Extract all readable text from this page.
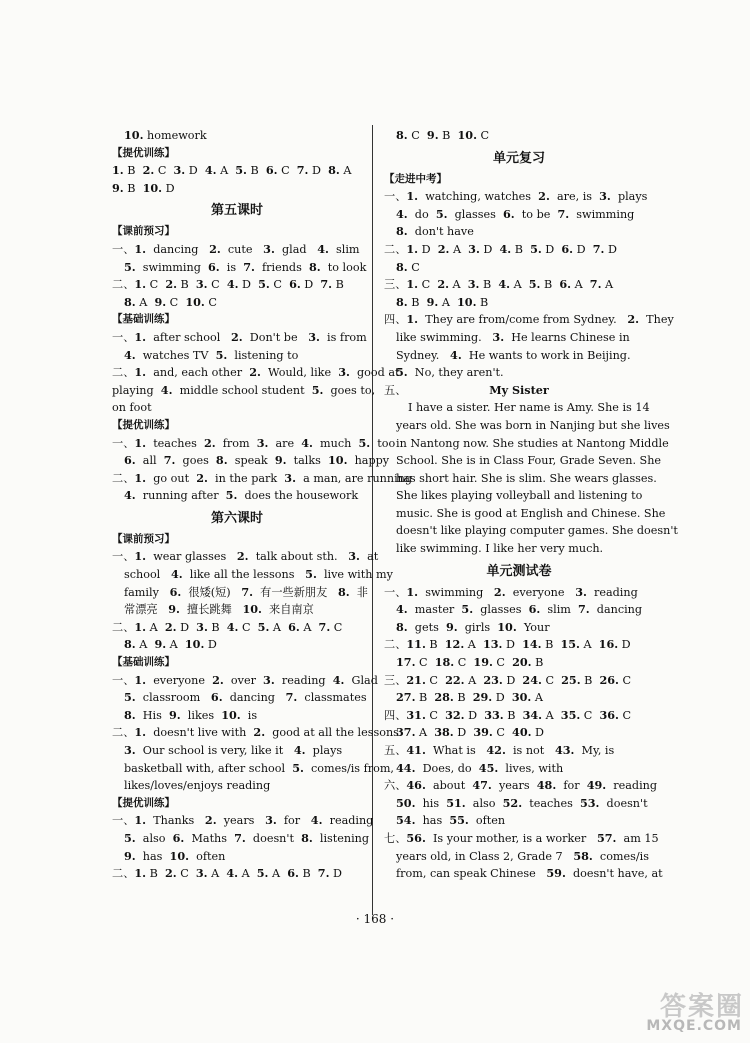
10. homework
【提优训练】
1. B  2. C  3. D  4. A  5. B  6. C  7. D  8. A
9. B  10. D
第五课时
【课前预习】
一、1.  dancing   2.  cute   3.  glad   4.  slim
5.  swimming  6.  is  7.  friends  8.  to look
二、1. C  2. B  3. C  4. D  5. C  6. D  7. B
8. A  9. C  10. C
【基础训练】
一、1.  after school   2.  Don't be   3.  is from
4.  watches TV  5.  listening to
二、1.  and, each other  2.  Would, like  3.  good at
playing  4.  middle school student  5.  goes to,
on foot
【提优训练】
一、1.  teaches  2.  from  3.  are  4.  much  5.  too
6.  all  7.  goes  8.  speak  9.  talks  10.  happy
二、1.  go out  2.  in the park  3.  a man, are running
4.  running after  5.  does the housework
第六课时
【课前预习】
一、1.  wear glasses   2.  talk about sth.   3.  at
school   4.  like all the lessons   5.  live with my
family   6.  很矮(短)   7.  有一些新朋友   8.  非
常漂亮   9.  擅长跳舞   10.  来自南京
二、1. A  2. D  3. B  4. C  5. A  6. A  7. C
8. A  9. A  10. D
【基础训练】
一、1.  everyone  2.  over  3.  reading  4.  Glad
5.  classroom   6.  dancing   7.  classmates
8.  His  9.  likes  10.  is
二、1.  doesn't live with  2.  good at all the lessons
3.  Our school is very, like it   4.  plays
basketball with, after school  5.  comes/is from,
likes/loves/enjoys reading
【提优训练】
一、1.  Thanks   2.  years   3.  for   4.  reading
5.  also  6.  Maths  7.  doesn't  8.  listening
9.  has  10.  often
二、1. B  2. C  3. A  4. A  5. A  6. B  7. D
8. C  9. B  10. C
单元复习
【走进中考】
一、1.  watching, watches  2.  are, is  3.  plays
4.  do  5.  glasses  6.  to be  7.  swimming
8.  don't have
二、1. D  2. A  3. D  4. B  5. D  6. D  7. D
8. C
三、1. C  2. A  3. B  4. A  5. B  6. A  7. A
8. B  9. A  10. B
四、1.  They are from/come from Sydney.   2.  They
like swimming.   3.  He learns Chinese in
Sydney.   4.  He wants to work in Beijing.
5.  No, they aren't.
五、	My Sister
I have a sister. Her name is Amy. She is 14
years old. She was born in Nanjing but she lives
in Nantong now. She studies at Nantong Middle
School. She is in Class Four, Grade Seven. She
has short hair. She is slim. She wears glasses.
She likes playing volleyball and listening to
music. She is good at English and Chinese. She
doesn't like playing computer games. She doesn't
like swimming. I like her very much.
单元测试卷
一、1.  swimming   2.  everyone   3.  reading
4.  master  5.  glasses  6.  slim  7.  dancing
8.  gets  9.  girls  10.  Your
二、11. B  12. A  13. D  14. B  15. A  16. D
17. C  18. C  19. C  20. B
三、21. C  22. A  23. D  24. C  25. B  26. C
27. B  28. B  29. D  30. A
四、31. C  32. D  33. B  34. A  35. C  36. C
37. A  38. D  39. C  40. D
五、41.  What is   42.  is not   43.  My, is
44.  Does, do  45.  lives, with
六、46.  about  47.  years  48.  for  49.  reading
50.  his  51.  also  52.  teaches  53.  doesn't
54.  has  55.  often
七、56.  Is your mother, is a worker   57.  am 15
years old, in Class 2, Grade 7   58.  comes/is
from, can speak Chinese   59.  doesn't have, at
· 168 ·
答案圈
MXQE.COM
